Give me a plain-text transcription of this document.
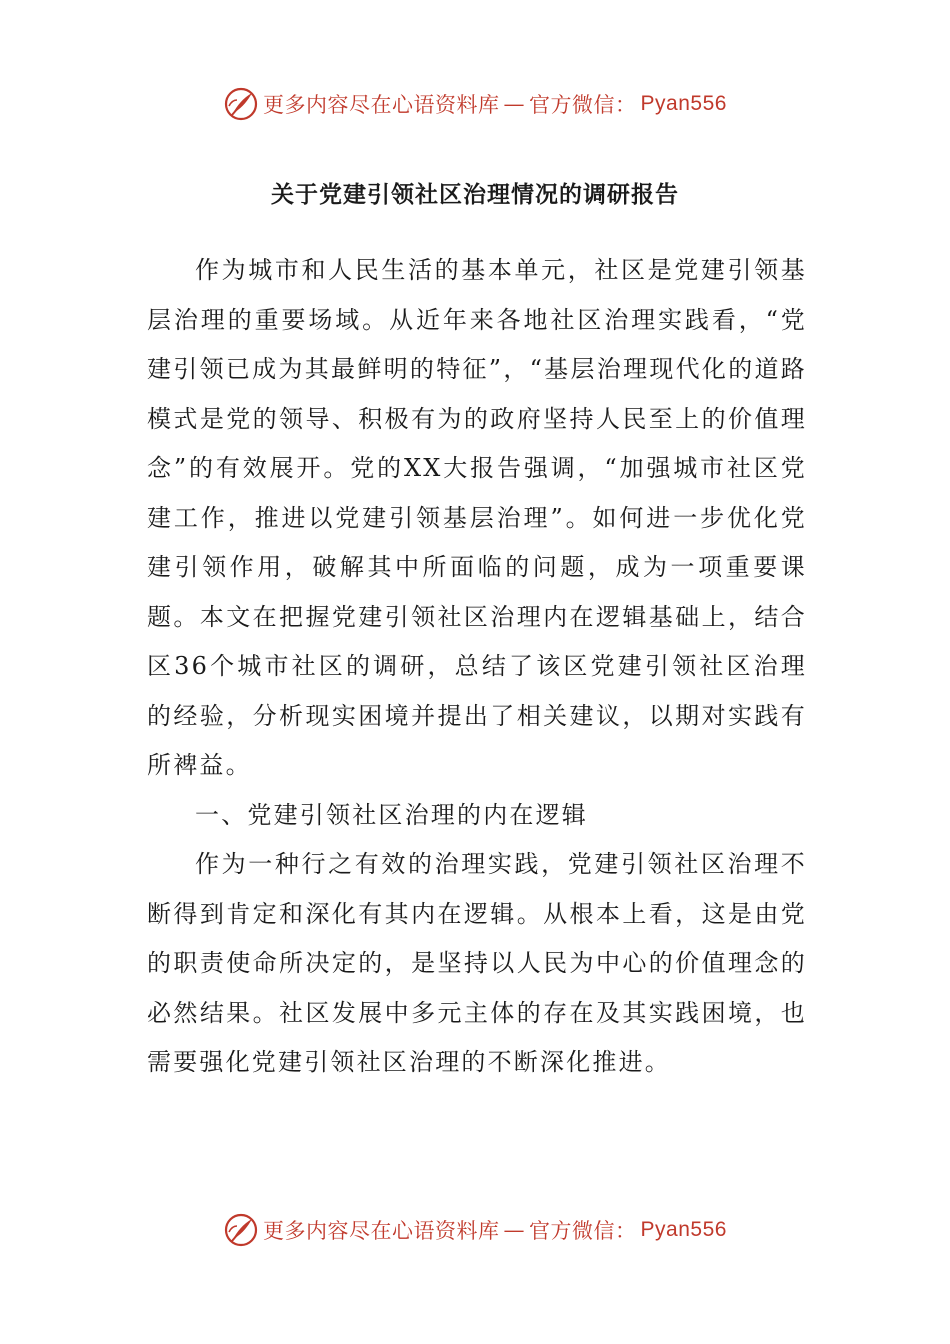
更多内容尽在心语资料库 — 官方微信： Pyan556
关于党建引领社区治理情况的调研报告

作为城市和人民生活的基本单元，社区是党建引领基层治理的重要场域。从近年来各地社区治理实践看，“党建引领已成为其最鲜明的特征”，“基层治理现代化的道路模式是党的领导、积极有为的政府坚持人民至上的价值理念”的有效展开。党的XX大报告强调，“加强城市社区党建工作，推进以党建引领基层治理”。如何进一步优化党建引领作用，破解其中所面临的问题，成为一项重要课题。本文在把握党建引领社区治理内在逻辑基础上，结合区36个城市社区的调研，总结了该区党建引领社区治理的经验，分析现实困境并提出了相关建议，以期对实践有所裨益。

一、党建引领社区治理的内在逻辑

作为一种行之有效的治理实践，党建引领社区治理不断得到肯定和深化有其内在逻辑。从根本上看，这是由党的职责使命所决定的，是坚持以人民为中心的价值理念的必然结果。社区发展中多元主体的存在及其实践困境，也需要强化党建引领社区治理的不断深化推进。

更多内容尽在心语资料库 — 官方微信： Pyan556
